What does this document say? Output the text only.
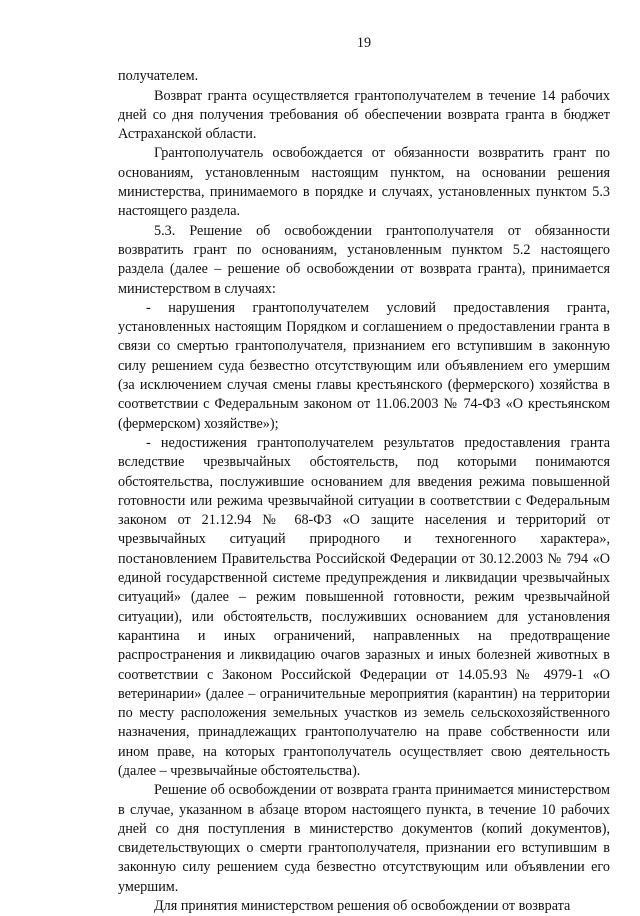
19

получателем.

Возврат гранта осуществляется грантополучателем в течение 14 рабочих дней со дня получения требования об обеспечении возврата гранта в бюджет Астраханской области.

Грантополучатель освобождается от обязанности возвратить грант по основаниям, установленным настоящим пунктом, на основании решения министерства, принимаемого в порядке и случаях, установленных пунктом 5.3 настоящего раздела.

5.3. Решение об освобождении грантополучателя от обязанности возвратить грант по основаниям, установленным пунктом 5.2 настоящего раздела (далее – решение об освобождении от возврата гранта), принимается министерством в случаях:

- нарушения грантополучателем условий предоставления гранта, установленных настоящим Порядком и соглашением о предоставлении гранта в связи со смертью грантополучателя, признанием его вступившим в законную силу решением суда безвестно отсутствующим или объявлением его умершим (за исключением случая смены главы крестьянского (фермерского) хозяйства в соответствии с Федеральным законом от 11.06.2003 № 74-ФЗ «О крестьянском (фермерском) хозяйстве»);

- недостижения грантополучателем результатов предоставления гранта вследствие чрезвычайных обстоятельств, под которыми понимаются обстоятельства, послужившие основанием для введения режима повышенной готовности или режима чрезвычайной ситуации в соответствии с Федеральным законом от 21.12.94 № 68-ФЗ «О защите населения и территорий от чрезвычайных ситуаций природного и техногенного характера», постановлением Правительства Российской Федерации от 30.12.2003 № 794 «О единой государственной системе предупреждения и ликвидации чрезвычайных ситуаций» (далее – режим повышенной готовности, режим чрезвычайной ситуации), или обстоятельств, послуживших основанием для установления карантина и иных ограничений, направленных на предотвращение распространения и ликвидацию очагов заразных и иных болезней животных в соответствии с Законом Российской Федерации от 14.05.93 № 4979-1 «О ветеринарии» (далее – ограничительные мероприятия (карантин) на территории по месту расположения земельных участков из земель сельскохозяйственного назначения, принадлежащих грантополучателю на праве собственности или ином праве, на которых грантополучатель осуществляет свою деятельность (далее – чрезвычайные обстоятельства).

Решение об освобождении от возврата гранта принимается министерством в случае, указанном в абзаце втором настоящего пункта, в течение 10 рабочих дней со дня поступления в министерство документов (копий документов), свидетельствующих о смерти грантополучателя, признании его вступившим в законную силу решением суда безвестно отсутствующим или объявлении его умершим.

Для принятия министерством решения об освобождении от возврата
